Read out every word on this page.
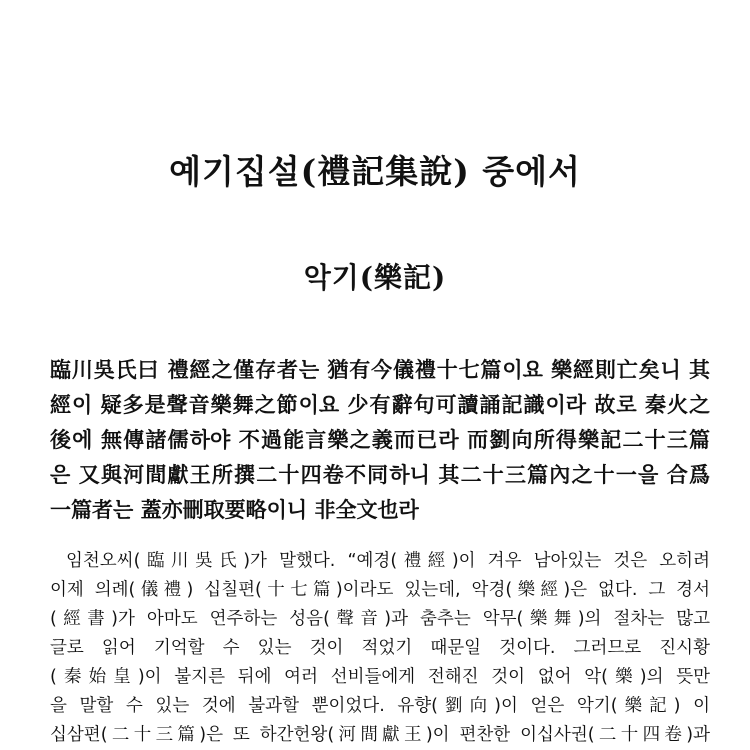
예기집설(禮記集說) 중에서
악기(樂記)
臨川吳氏曰 禮經之僅存者는 猶有今儀禮十七篇이요 樂經則亡矣니 其
經이 疑多是聲音樂舞之節이요 少有辭句可讀誦記識이라 故로 秦火之
後에 無傳諸儒하야 不過能言樂之義而已라 而劉向所得樂記二十三篇
은 又與河間獻王所撰二十四卷不同하니 其二十三篇內之十一을 合爲
一篇者는 蓋亦刪取要略이니 非全文也라
임천오씨(臨川吳氏)가 말했다. “예경(禮經)이 겨우 남아있는 것은 오히려
이제 의례(儀禮) 십칠편(十七篇)이라도 있는데, 악경(樂經)은 없다. 그 경서
(經書)가 아마도 연주하는 성음(聲音)과 춤추는 악무(樂舞)의 절차는 많고
글로 읽어 기억할 수 있는 것이 적었기 때문일 것이다. 그러므로 진시황
(秦始皇)이 불지른 뒤에 여러 선비들에게 전해진 것이 없어 악(樂)의 뜻만
을 말할 수 있는 것에 불과할 뿐이었다. 유향(劉向)이 얻은 악기(樂記) 이
십삼편(二十三篇)은 또 하간헌왕(河間獻王)이 편찬한 이십사권(二十四卷)과
